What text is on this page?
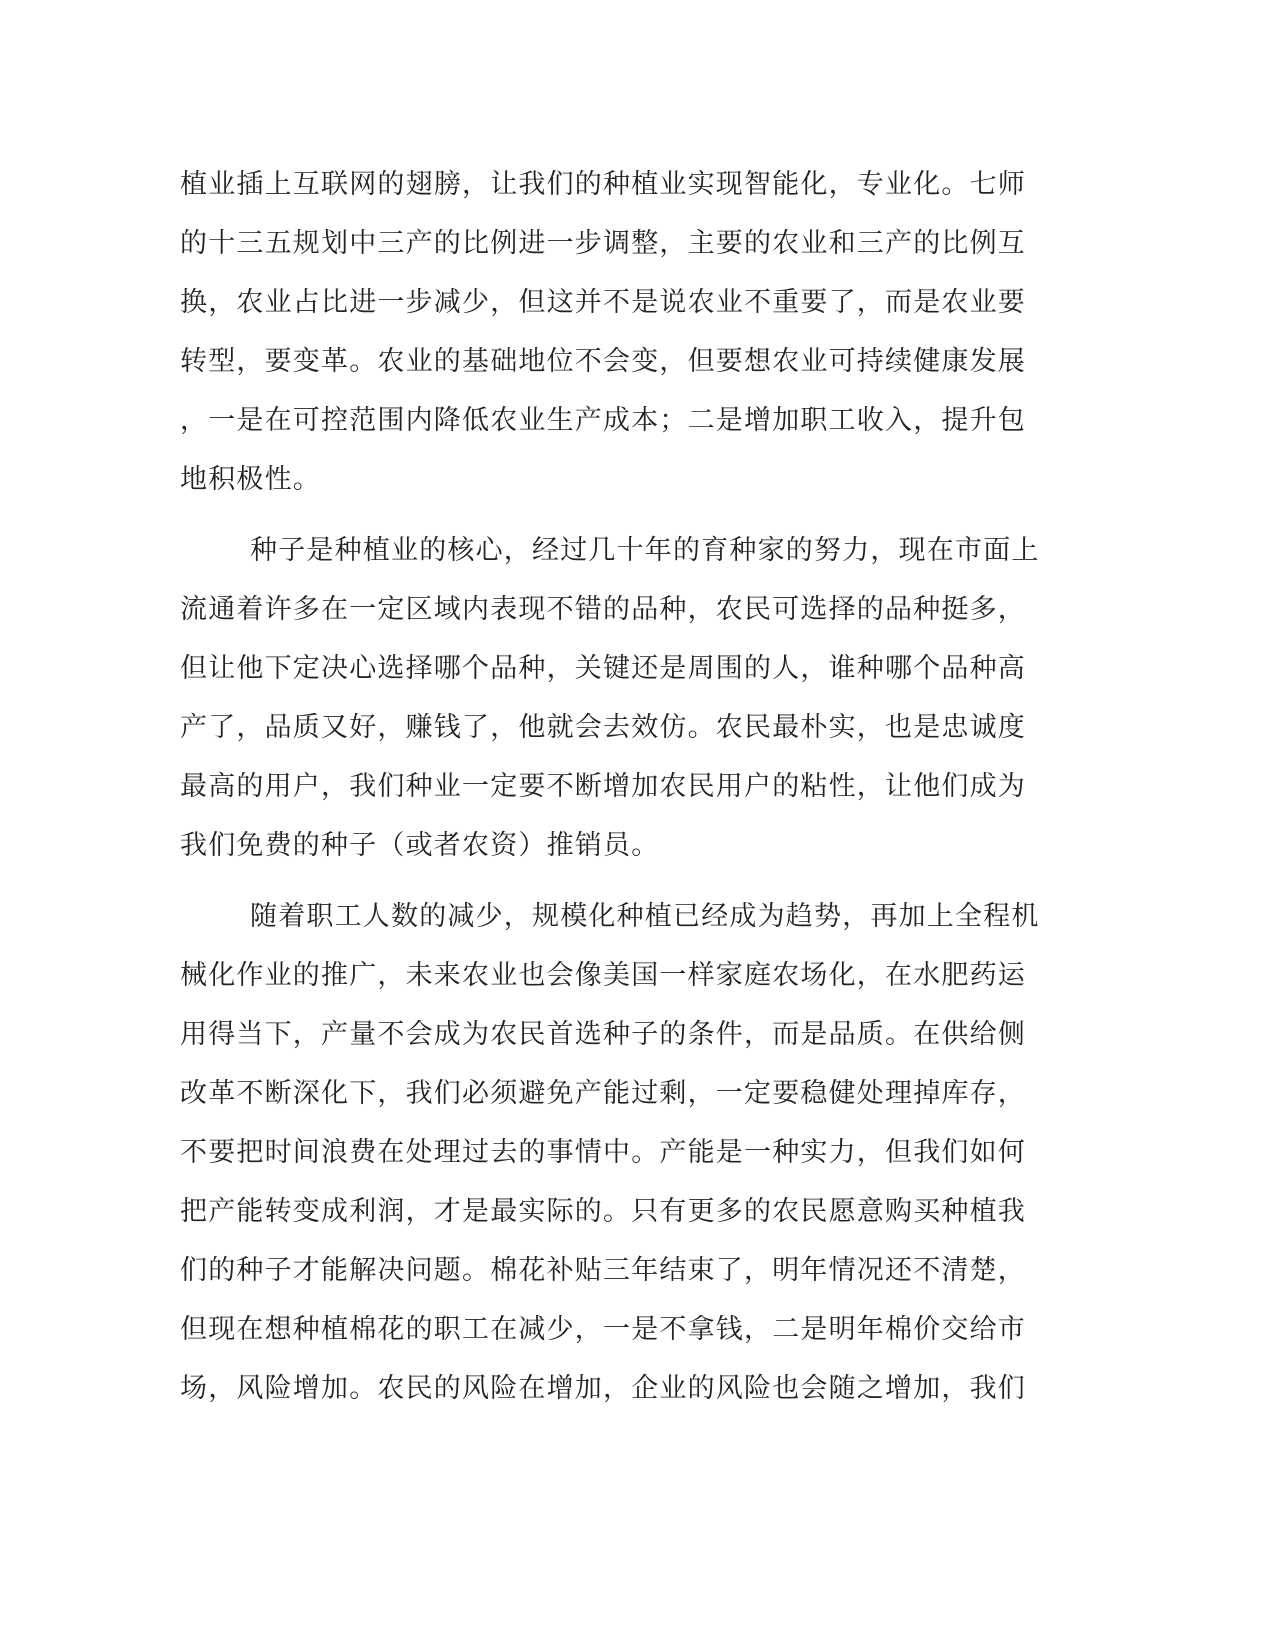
植业插上互联网的翅膀，让我们的种植业实现智能化，专业化。七师
的十三五规划中三产的比例进一步调整，主要的农业和三产的比例互
换，农业占比进一步减少，但这并不是说农业不重要了，而是农业要
转型，要变革。农业的基础地位不会变，但要想农业可持续健康发展
，一是在可控范围内降低农业生产成本；二是增加职工收入，提升包
地积极性。
种子是种植业的核心，经过几十年的育种家的努力，现在市面上
流通着许多在一定区域内表现不错的品种，农民可选择的品种挺多，
但让他下定决心选择哪个品种，关键还是周围的人，谁种哪个品种高
产了，品质又好，赚钱了，他就会去效仿。农民最朴实，也是忠诚度
最高的用户，我们种业一定要不断增加农民用户的粘性，让他们成为
我们免费的种子（或者农资）推销员。
随着职工人数的减少，规模化种植已经成为趋势，再加上全程机
械化作业的推广，未来农业也会像美国一样家庭农场化，在水肥药运
用得当下，产量不会成为农民首选种子的条件，而是品质。在供给侧
改革不断深化下，我们必须避免产能过剩，一定要稳健处理掉库存，
不要把时间浪费在处理过去的事情中。产能是一种实力，但我们如何
把产能转变成利润，才是最实际的。只有更多的农民愿意购买种植我
们的种子才能解决问题。棉花补贴三年结束了，明年情况还不清楚，
但现在想种植棉花的职工在减少，一是不拿钱，二是明年棉价交给市
场，风险增加。农民的风险在增加，企业的风险也会随之增加，我们
